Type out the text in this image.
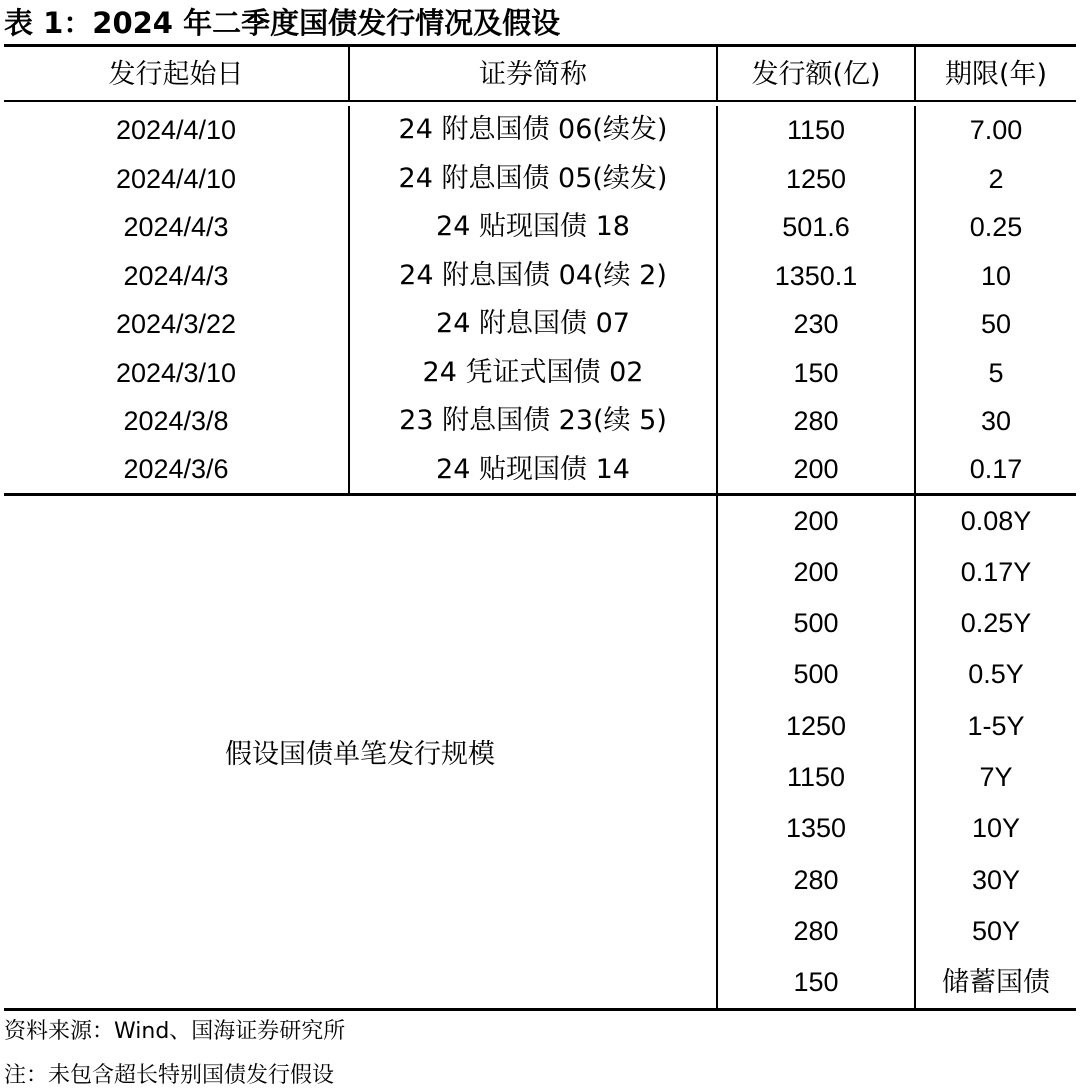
表 1：2024 年二季度国债发行情况及假设
发行起始日	证券简称	发行额(亿)	期限(年)
2024/4/10	24 附息国债 06(续发)	1150	7.00
2024/4/10	24 附息国债 05(续发)	1250	2
2024/4/3	24 贴现国债 18	501.6	0.25
2024/4/3	24 附息国债 04(续 2)	1350.1	10
2024/3/22	24 附息国债 07	230	50
2024/3/10	24 凭证式国债 02	150	5
2024/3/8	23 附息国债 23(续 5)	280	30
2024/3/6	24 贴现国债 14	200	0.17
假设国债单笔发行规模
200	0.08Y
200	0.17Y
500	0.25Y
500	0.5Y
1250	1-5Y
1150	7Y
1350	10Y
280	30Y
280	50Y
150	储蓄国债
资料来源：Wind、国海证券研究所
注：未包含超长特别国债发行假设
